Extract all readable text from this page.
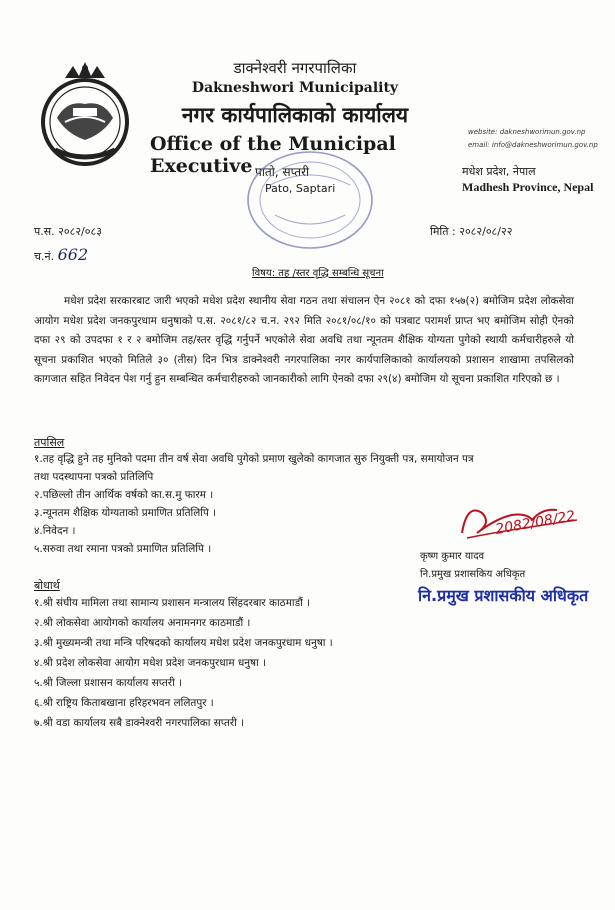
डाक्नेश्वरी नगरपालिका
Dakneshwori Municipality
नगर कार्यपालिकाको कार्यालय
Office of the Municipal Executive
website: dakneshworimun.gov.np
email: info@dakneshworimun.gov.np
मधेश प्रदेश, नेपाल
Madhesh Province, Nepal
पातो, सप्तरी
Pato, Saptari
प.स. २०८२/०८३
च.नं. 662
मिति : २०८२/०८/२२
विषय: तह /स्तर वृद्धि सम्बन्धि सूचना
मधेश प्रदेश सरकारबाट जारी भएको मधेश प्रदेश स्थानीय सेवा गठन तथा संचालन ऐन २०८१ को दफा १५७(२) बमोजिम प्रदेश लोकसेवा आयोग मधेश प्रदेश जनकपुरधाम धनुषाको प.स. २०८१/८२ च.न. २९२ मिति २०८१/०८/१० को पत्रबाट परामर्श प्राप्त भए बमोजिम सोही ऐनको दफा २९ को उपदफा १ र २ बमोजिम तह/स्तर वृद्धि गर्नुपर्ने भएकोले सेवा अवधि तथा न्यूनतम शैक्षिक योग्यता पुगेको स्थायी कर्मचारीहरुले यो सूचना प्रकाशित भएको मितिले ३० (तीस) दिन भित्र डाक्नेश्वरी नगरपालिका नगर कार्यपालिकाको कार्यालयको प्रशासन शाखामा तपसिलको कागजात सहित निवेदन पेश गर्नु हुन सम्बन्धित कर्मचारीहरुको जानकारीको लागि ऐनको दफा २९(४) बमोजिम यो सूचना प्रकाशित गरिएको छ ।
तपसिल
१.तह वृद्धि हुने तह मुनिको पदमा तीन वर्ष सेवा अवधि पुगेको प्रमाण खुलेको कागजात सुरु नियुक्ती पत्र, समायोजन पत्र
तथा पदस्थापना पत्रको प्रतिलिपि
२.पछिल्लो तीन आर्थिक वर्षको का.स.मु फारम ।
३.न्यूनतम शैक्षिक योग्यताको प्रमाणित प्रतिलिपि ।
४.निवेदन ।
५.सरुवा तथा रमाना पत्रको प्रमाणित प्रतिलिपि ।
2082/08/22
कृष्ण कुमार यादव
नि.प्रमुख प्रशासकिय अधिकृत
नि.प्रमुख प्रशासकीय अधिकृत
बोधार्थ
१.श्री संघीय मामिला तथा सामान्य प्रशासन मन्त्रालय सिंहदरबार काठमाडौं ।
२.श्री लोकसेवा आयोगको कार्यालय अनामनगर काठमाडौं ।
३.श्री मुख्यमन्त्री तथा मन्त्रि परिषदको कार्यालय मधेश प्रदेश जनकपुरधाम धनुषा ।
४.श्री प्रदेश लोकसेवा आयोग मधेश प्रदेश जनकपुरधाम धनुषा ।
५.श्री जिल्ला प्रशासन कार्यालय सप्तरी ।
६.श्री राष्ट्रिय किताबखाना हरिहरभवन ललितपुर ।
७.श्री वडा कार्यालय सबै डाक्नेश्वरी नगरपालिका सप्तरी ।
